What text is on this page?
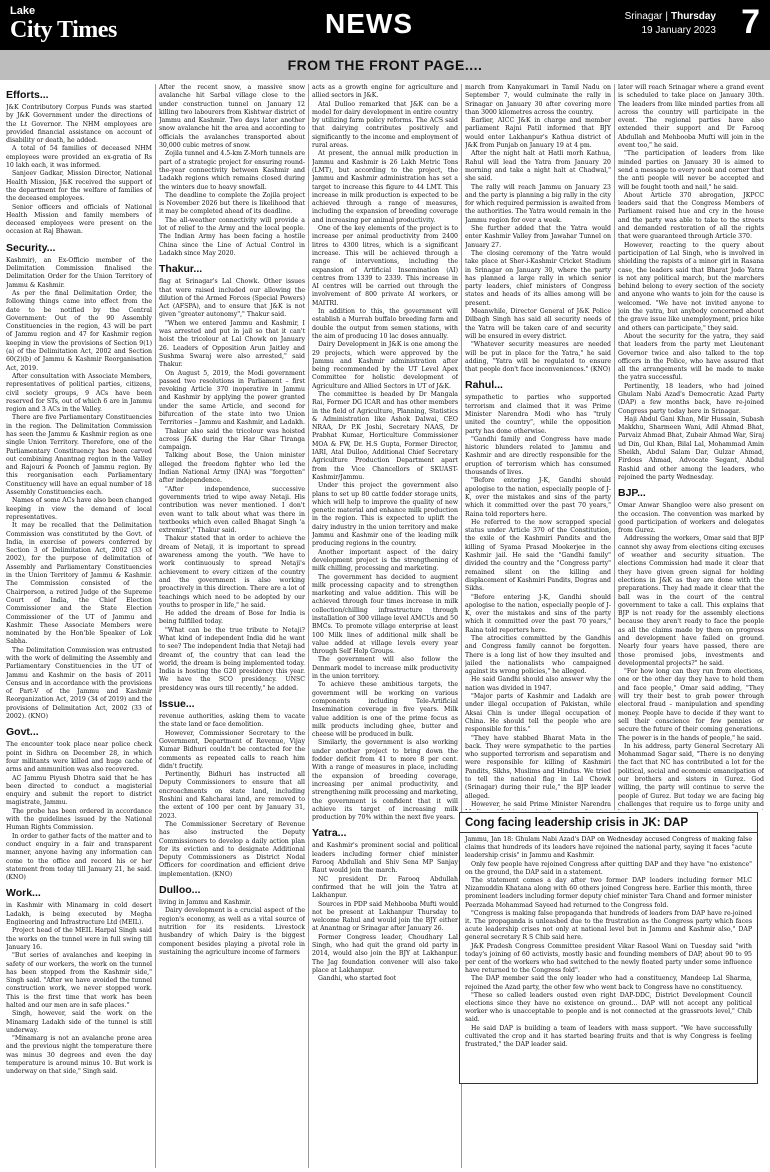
Lake
City Times	NEWS	Srinagar | Thursday
19 January 2023 7
FROM THE FRONT PAGE....
Efforts...

J&K Contributory Corpus Funds was started by J&K Government under the directions of the Lt Governor. The NHM employees are provided financial assistance on account of disability or death, he added.

A total of 54 families of deceased NHM employees were provided an ex-gratia of Rs 10 lakh each, it was informed.

Sanjeev Gadkar, Mission Director, National Health Mission, J&K received the support of the department for the welfare of families of the deceased employees.

Senior officers and officials of National Health Mission and family members of deceased employees were present on the occasion at Raj Bhawan.

Security...

Kashmir), an Ex-Officio member of the Delimitation Commission finalised the Delimitation Order for the Union Territory of Jammu & Kashmir.

As per the final Delimitation Order, the following things came into effect from the date to be notified by the Central Government: Out of the 90 Assembly Constituencies in the region, 43 will be part of Jammu region and 47 for Kashmir region keeping in view the provisions of Section 9(1)(a) of the Delimitation Act, 2002 and Section 60(2)(b) of Jammu & Kashmir Reorganisation Act, 2019.

After consultation with Associate Members, representatives of political parties, citizens, civil society groups, 9 ACs have been reserved for STs, out of which 6 are in Jammu region and 3 ACs in the Valley.

There are five Parliamentary Constituencies in the region. The Delimitation Commission has seen the Jammu & Kashmir region as one single Union Territory. Therefore, one of the Parliamentary Constituency has been carved out combining Anantnag region in the Valley and Rajouri & Poonch of Jammu region. By this reorganisation each Parliamentary Constituency will have an equal number of 18 Assembly Constituencies each.

Names of some ACs have also been changed keeping in view the demand of local representatives.

It may be recalled that the Delimitation Commission was constituted by the Govt. of India, in exercise of powers conferred by Section 3 of Delimitation Act, 2002 (33 of 2002), for the purpose of delimitation of Assembly and Parliamentary Constituencies in the Union Territory of Jammu & Kashmir. The Commission consisted of the Chairperson, a retired Judge of the Supreme Court of India, the Chief Election Commissioner and the State Election Commissioner of the UT of Jammu and Kashmir. These Associate Members were nominated by the Hon'ble Speaker of Lok Sabha.

The Delimitation Commission was entrusted with the work of delimiting the Assembly and Parliamentary Constituencies in the UT of Jammu and Kashmir on the basis of 2011 Census and in accordance with the provisions of Part-V of the Jammu and Kashmir Reorganization Act, 2019 (34 of 2019) and the provisions of Delimitation Act, 2002 (33 of 2002). (KNO)

Govt...

The encounter took place near police check point in Sidhra on December 28, in which four militants were killed and huge cache of arms and ammunition was also recovered.

AC Jammu Piyush Dhotra said that he has been directed to conduct a magisterial enquiry and submit the report to district magistrate, Jammu.

The probe has been ordered in accordance with the guidelines issued by the National Human Rights Commission.

In order to gather facts of the matter and to conduct enquiry in a fair and transparent manner, anyone having any information can come to the office and record his or her statement from today till January 21, he said. (KNO)

Work...

in Kashmir with Minamarg in cold desert Ladakh, is being executed by Megha Engineering and Infrastructure Ltd (MEIL).

Project head of the MEIL Harpal Singh said the works on the tunnel were in full swing till January 16.

"But series of avalanches and keeping in safety of our workers, the work on the tunnel has been stopped from the Kashmir side," Singh said. "After we have avoided the tunnel construction work, we never stopped work. This is the first time that work has been halted and our men are in safe places."

Singh, however, said the work on the Minamarg Ladakh side of the tunnel is still underway.

"Minamarg is not an avalanche prone area and the previous night the temperature there was minus 30 degrees and even the day temperature is around minus 10. But work is underway on that side," Singh said.

After the recent snow, a massive snow avalanche hit Sarbal village close to the under construction tunnel on January 12 killing two labourers from Kishtwar district of Jammu and Kashmir. Two days later another snow avalanche hit the area and according to officials the avalanches transported about 30,000 cubic metres of snow.

Zojila tunnel and 4.5-km Z-Morh tunnels are part of a strategic project for ensuring round-the-year connectivity between Kashmir and Ladakh regions which remains closed during the winters due to heavy snowfall.

The deadline to complete the Zojila project is November 2026 but there is likelihood that it may be completed ahead of its deadline.

The all-weather connectivity will provide a lot of relief to the Army and the local people. The Indian Army has been facing a hostile China since the Line of Actual Control in Ladakh since May 2020.

Thakur...

flag at Srinagar's Lal Chowk. Other issues that were raised included our allowing the dilution of the Armed Forces (Special Powers) Act (AFSPA), and to ensure that J&K is not given "greater autonomy"," Thakur said.

"When we entered Jammu and Kashmir, I was arrested and put in jail so that it can't hoist the tricolour at Lal Chowk on January 26. Leaders of Opposition Arun Jaitley and Sushma Swaraj were also arrested," said Thakur.

On August 5, 2019, the Modi government passed two resolutions in Parliament – first revoking Article 370 inoperative in Jammu and Kashmir by applying the power granted under the same Article, and second for bifurcation of the state into two Union Territories – Jammu and Kashmir, and Ladakh.

Thakur also said the tricolour was hoisted across J&K during the Har Ghar Tiranga campaign.

Talking about Bose, the Union minister alleged the freedom fighter who led the Indian National Army (INA) was "forgotten" after independence.

"After independence, successive governments tried to wipe away Netaji. His contribution was never mentioned. I don't even want to talk about what was there in textbooks which even called Bhagat Singh 'a extremist'," Thakur said.

Thakur stated that in order to achieve the dream of Netaji, it is important to spread awareness among the youth. "We have to work continuously to spread Netaji's achievement to every citizen of the country and the government is also working proactively in this direction. There are a lot of teachings which need to be adopted by our youths to prosper in life," he said.

He added the dream of Bose for India is being fulfilled today.

"What can be the true tribute to Netaji? What kind of independent India did he want to see? The independent India that Netaji had dreamt of, the country that can lead the world, the dream is being implemented today. India is hosting the G20 presidency this year. We have the SCO presidency. UNSC presidency was ours till recently," he added.

Issue...

revenue authorities, asking them to vacate the state land or face demolition.

However, Commissioner Secretary to the Government, Department of Revenue, Vijay Kumar Bidhuri couldn't be contacted for the comments as repeated calls to reach him didn't fructify.

Pertinently, Bidhuri has instructed all Deputy Commissioners to ensure that all encroachments on state land, including Roshini and Kahcharai land, are removed to the extent of 100 per cent by January 31, 2023.

The Commissioner Secretary of Revenue has also instructed the Deputy Commissioners to develop a daily action plan for its eviction and to designate Additional Deputy Commissioners as District Nodal Officers for coordination and efficient drive implementation. (KNO)

Dulloo...

living in Jammu and Kashmir.

Dairy development is a crucial aspect of the region's economy, as well as a vital source of nutrition for its residents. Livestock husbandry of which Dairy is the biggest component besides playing a pivotal role in sustaining the agriculture income of farmers

acts as a growth engine for agriculture and allied sectors in J&K.

Atal Dulloo remarked that J&K can be a model for dairy development in entire country by utilizing farm policy reforms. The ACS said that dairying contributes positively and significantly to the income and employment of rural areas.

At present, the annual milk production in Jammu and Kashmir is 26 Lakh Metric Tons (LMT), but according to the project, the Jammu and Kashmir administration has set a target to increase this figure to 44 LMT. This increase in milk production is expected to be achieved through a range of measures, including the expansion of breeding coverage and increasing per animal productivity.

One of the key elements of the project is to increase per animal productivity from 2400 litres to 4300 litres, which is a significant increase. This will be achieved through a range of interventions, including the expansion of Artificial Insemination (AI) centres from 1339 to 2339. This increase in AI centres will be carried out through the involvement of 800 private AI workers, or MAITRI.

In addition to this, the government will establish a Murrah buffalo breeding farm and double the output from semen stations, with the aim of producing 10 lac doses annually.

Dairy Development in J&K is one among the 29 projects, which were approved by the Jammu and Kashmir administration after being recommended by the UT Level Apex Committee for holistic development of Agriculture and Allied Sectors in UT of J&K.

The committee is headed by Dr Mangala Rai, Former DG ICAR and has other members in the field of Agriculture, Planning, Statistics & Administration like Ashok Dalwai, CEO NRAA, Dr P.K Joshi, Secretary NAAS, Dr Prabhat Kumar, Horticulture Commissioner MOA & FW, Dr. H.S Gupta, Former Director, IARI, Atal Dulloo, Additional Chief Secretary Agriculture Production Department apart from the Vice Chancellors of SKUAST-Kashmir/Jammu.

Under this project the government also plans to set up 80 cattle fodder storage units, which will help to improve the quality of new genetic material and enhance milk production in the region. This is expected to uplift the dairy industry in the union territory and make Jammu and Kashmir one of the leading milk producing regions in the country.

Another important aspect of the dairy development project is the strengthening of milk chilling, processing and marketing.

The government has decided to augment milk processing capacity and to strengthen marketing and value addition. This will be achieved through four times increase in milk collection/chilling infrastructure through installation of 300 village level AMCUs and 50 BMCs. To promote village enterprise at least 100 Milk lines of additional milk shall be value added at village levels every year through Self Help Groups.

The government will also follow the Denmark model to increase milk productivity in the union territory.

To achieve these ambitious targets, the government will be working on various components including Tele-Artificial Insemination coverage in five years. Milk value addition is one of the prime focus as milk products including ghee, butter and cheese will be produced in bulk.

Similarly, the government is also working under another project to bring down the fodder deficit from 41 to more 8 per cent. With a range of measures in place, including the expansion of breeding coverage, increasing per animal productivity, and strengthening milk processing and marketing, the government is confident that it will achieve its target of increasing milk production by 70% within the next five years.

Yatra...

and Kashmir's prominent social and political leaders including former chief minister Farooq Abdullah and Shiv Sena MP Sanjay Raut would join the march.

NC president Dr. Farooq Abdullah confirmed that he will join the Yatra at Lakhanpur.

Sources in PDP said Mehbooba Mufti would not be present at Lakhanpur Thursday to welcome Rahul and would join the BJY either at Anantnag or Srinagar after January 26.

Former Congress leader, Choudhary Lal Singh, who had quit the grand old party in 2014, would also join the BJY at Lakhanpur. The Jag foundation convener will also take place at Lakhanpur.

Gandhi, who started foot

march from Kanyakumari in Tamil Nadu on September 7, would culminate the rally in Srinagar on January 30 after covering more than 3000 kilometres across the country.

Earlier, AICC J&K in charge and member parliament Rajni Patil informed that BJY would enter Lakhanpur's Kathua district of J&K from Punjab on January 19 at 4 pm.

After the night halt at Hatli morh Kathua, Rahul will lead the Yatra from January 20 morning and take a night halt at Chadwal," she said.

The rally will reach Jammu on January 23 and the party is planning a big rally in the city for which required permission is awaited from the authorities. The Yatra would remain in the Jammu region for over a week.

She further added that the Yatra would enter Kashmir Valley from Jawahar Tunnel on January 27.

The closing ceremony of the Yatra would take place at Sher-i-Kashmir Cricket Stadium in Srinagar on January 30, where the party has planned a large rally in which senior party leaders, chief ministers of Congress states and heads of its allies among will be present.

Meanwhile, Director General of J&K Police Dilbagh Singh has said all security needs of the Yatra will be taken care of and security will be ensured in every district.

"Whatever security measures are needed will be put in place for the Yatra," he said adding, "Yatra will be regulated to ensure that people don't face inconveniences." (KNO)

Rahul...

sympathetic to parties who supported terrorism and claimed that it was Prime Minister Narendra Modi who has "truly united the country", while the opposition party has done otherwise.

"Gandhi family and Congress have made historic blunders related to Jammu and Kashmir and are directly responsible for the eruption of terrorism which has consumed thousands of lives.

"Before entering J-K, Gandhi should apologise to the nation, especially people of J-K, over the mistakes and sins of the party which it committed over the past 70 years," Raina told reporters here.

He referred to the now scrapped special status under Article 370 of the Constitution, the exile of the Kashmiri Pandits and the killing of Syama Prasad Mookerjee in the Kashmir jail. He said the "Gandhi family" divided the country and the "Congress party" remained silent on the killing and displacement of Kashmiri Pandits, Dogras and Sikhs.

"Before entering J-K, Gandhi should apologise to the nation, especially people of J-K, over the mistakes and sins of the party which it committed over the past 70 years," Raina told reporters here.

The atrocities committed by the Gandhis and Congress family cannot be forgotten. There is a long list of how they insulted and jailed the nationalists who campaigned against its wrong policies," he alleged.

He said Gandhi should also answer why the nation was divided in 1947.

"Major parts of Kashmir and Ladakh are under illegal occupation of Pakistan, while Aksai Chin is under illegal occupation of China. He should tell the people who are responsible for this."

"They have stabbed Bharat Mata in the back. They were sympathetic to the parties who supported terrorism and separatism and were responsible for killing of Kashmiri Pandits, Sikhs, Muslims and Hindus. We tried to tell the national flag in Lal Chowk (Srinagar) during their rule," the BJP leader alleged.

However, he said Prime Minister Narendra

later will reach Srinagar where a grand event is scheduled to take place on January 30th. The leaders from like minded parties from all across the country will participate in the event. The regional parties have also extended their support and Dr Farooq Abdullah and Mehbooba Mufti will join in the event too," he said.

"The participation of leaders from like minded parties on January 30 is aimed to send a message to every nook and corner that the anti people will never be accepted and will be fought tooth and nail," he said.

About Article 370 abrogation, JKPCC leaders said that the Congress Members of Parliament raised hue and cry in the house and the party was able to take to the streets and demanded restoration of all the rights that were guaranteed through Article 370.

However, reacting to the query about participation of Lal Singh, who is involved in shielding the rapists of a minor girl in Rasana case, the leaders said that Bharat Jodo Yatra is not any political march, but the marchers behind belong to every section of the society and anyone who wants to join for the cause is welcomed. "We have not invited anyone to join the yatra, but anybody concerned about the grave issue like unemployment, price hike and others can participate," they said.

About the security for the yatra, they said that leaders from the party met Lieutenant Governor twice and also talked to the top officers in the Police, who have assured that all the arrangements will be made to make the yatra successful.

Pertinently, 18 leaders, who had joined Ghulam Nabi Azad's Democratic Azad Party (DAP) a few months back, have re-joined Congress party today here in Srinagar.

Haji Abdul Gani Khan, Mir Hussain, Subash Makkhu, Sharmeen Wani, Adil Ahmad Bhat, Parvaiz Ahmad Bhat, Zubair Ahmad War, Siraj ud Din, Gul Khan, Bilal Lal, Mohammad Amin Sheikh, Abdul Salam Dar, Gulzar Ahmad, Firdous Ahmad, Advocate Segant, Abdul Rashid and other among the leaders, who rejoined the party Wednesday.

BJP...

Omar Anwar Shangloo were also present on the occasion. The convention was marked by good participation of workers and delegates from Gurez.

Addressing the workers, Omar said that BJP cannot shy away from elections citing excuses of weather and security situation. The elections Commission had made it clear that they have given green signal for holding elections in J&K as they are done with the preparations. They had made it clear that the ball was in the court of the central government to take a call. This explains that BJP is not ready for the assembly elections because they aren't ready to face the people as all the claims made by them on progress and development have failed on ground. Nearly four years have passed, there are those promised jobs, investments and developmental projects?" he said.

"For how long can they run from elections, one or the other day they have to hold them and face people," Omar said adding, "They will try their best to grab power through electoral fraud – manipulation and spending money. People have to decide if they want to sell their conscience for few pennies or secure the future of their coming generations. The power is in the hands of people," he said.

In his address, party General Secretary Ali Mohammad Sagar said, "There is no denying the fact that NC has contributed a lot for the political, social and economic emancipation of our brothers and sisters in Gurez. God willing, the party will continue to serve the people of Gurez. But today we are facing big challenges that require us to forge unity and

Cong facing leadership crisis in JK: DAP

Jammu, Jan 18: Ghulam Nabi Azad's DAP on Wednesday accused Congress of making false claims that hundreds of its leaders have rejoined the national party, saying it faces "acute leadership crisis" in Jammu and Kashmir.

Only few people have rejoined Congress after quitting DAP and they have "no existence" on the ground, the DAP said in a statement.

The statement comes a day after two former DAP leaders including former MLC Nizamuddin Khatana along with 60 others joined Congress here. Earlier this month, three prominent leaders including former deputy chief minister Tara Chand and former minister Peerzada Mohammad Sayeed had returned to the Congress fold.

"Congress is making false propaganda that hundreds of leaders from DAP have re-joined it. The propaganda is unleashed due to the frustration as the Congress party which faces acute leadership crises not only at national level but in Jammu and Kashmir also," DAP general secretary R S Chib said here.

J&K Pradesh Congress Committee president Vikar Rasool Wani on Tuesday said "with today's joining of 60 activists, mostly basic and founding members of DAP, about 90 to 95 per cent of the workers who had switched to the newly floated party under some influence have returned to the Congress fold".

The DAP member said the only leader who had a constituency, Mandeep Lal Sharma, rejoined the Azad party, the other few who went back to Congress have no constituency.

"These so called leaders ousted even right DAP-DDC, District Development Council elections since they have no existence on ground... DAP will not accept any political worker who is unacceptable to people and is not connected at the grassroots level," Chib said.

He said DAP is building a team of leaders with mass support. "We have successfully cultivated the crop and it has started bearing fruits and that is why Congress is feeling frustrated," the DAP leader said.
